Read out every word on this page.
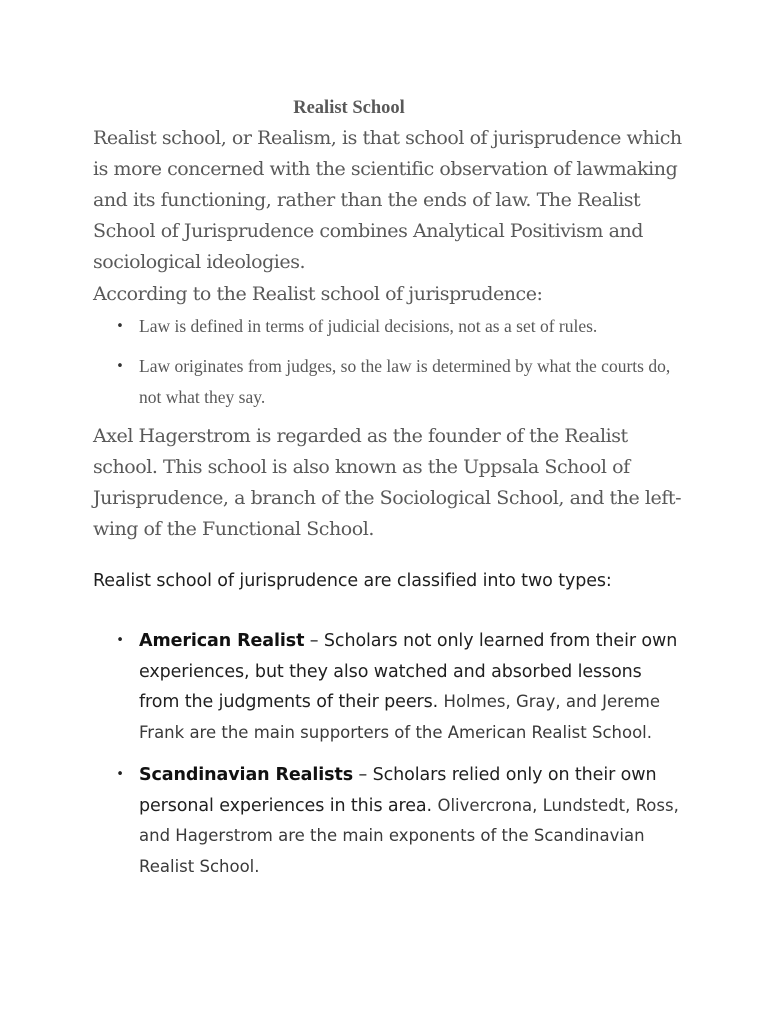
Realist School

Realist school, or Realism, is that school of jurisprudence which is more concerned with the scientific observation of lawmaking and its functioning, rather than the ends of law. The Realist School of Jurisprudence combines Analytical Positivism and sociological ideologies.

According to the Realist school of jurisprudence:

• Law is defined in terms of judicial decisions, not as a set of rules.
• Law originates from judges, so the law is determined by what the courts do, not what they say.

Axel Hagerstrom is regarded as the founder of the Realist school. This school is also known as the Uppsala School of Jurisprudence, a branch of the Sociological School, and the left-wing of the Functional School.

Realist school of jurisprudence are classified into two types:

• American Realist – Scholars not only learned from their own experiences, but they also watched and absorbed lessons from the judgments of their peers. Holmes, Gray, and Jereme Frank are the main supporters of the American Realist School.
• Scandinavian Realists – Scholars relied only on their own personal experiences in this area. Olivercrona, Lundstedt, Ross, and Hagerstrom are the main exponents of the Scandinavian Realist School.
